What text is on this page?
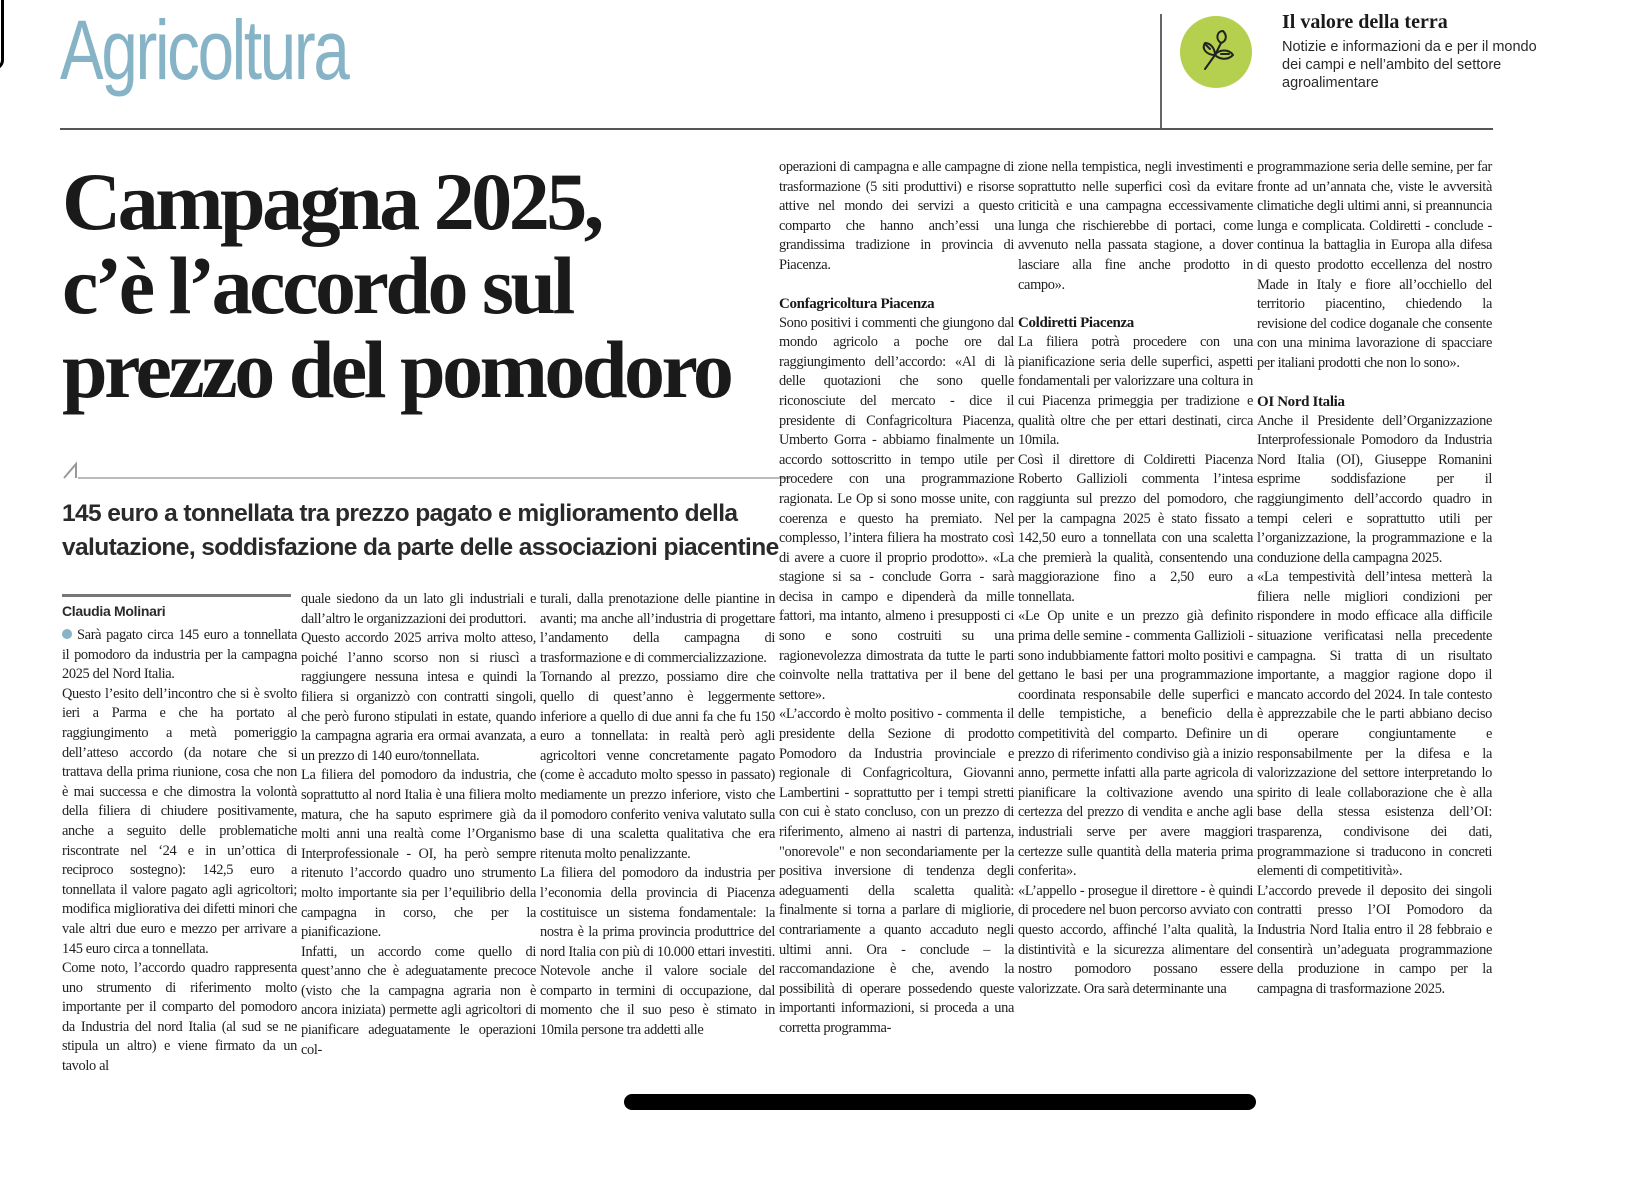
Agricoltura	Il valore della terra
Notizie e informazioni da e per il mondo dei campi e nell’ambito del settore agroalimentare
Campagna 2025,
c’è l’accordo sul
prezzo del pomodoro
145 euro a tonnellata tra prezzo pagato e miglioramento della valutazione, soddisfazione da parte delle associazioni piacentine
Claudia Molinari

Sarà pagato circa 145 euro a tonnellata il pomodoro da industria per la campagna 2025 del Nord Italia.

Questo l’esito dell’incontro che si è svolto ieri a Parma e che ha portato al raggiungimento a metà pomeriggio dell’atteso accordo (da notare che si trattava della prima riunione, cosa che non è mai successa e che dimostra la volontà della filiera di chiudere positivamente, anche a seguito delle problematiche riscontrate nel ‘24 e in un’ottica di reciproco sostegno): 142,5 euro a tonnellata il valore pagato agli agricoltori; modifica migliorativa dei difetti minori che vale altri due euro e mezzo per arrivare a 145 euro circa a tonnellata.

Come noto, l’accordo quadro rappresenta uno strumento di riferimento molto importante per il comparto del pomodoro da Industria del nord Italia (al sud se ne stipula un altro) e viene firmato da un tavolo al

quale siedono da un lato gli industriali e dall’altro le organizzazioni dei produttori.

Questo accordo 2025 arriva molto atteso, poiché l’anno scorso non si riuscì a raggiungere nessuna intesa e quindi la filiera si organizzò con contratti singoli, che però furono stipulati in estate, quando la campagna agraria era ormai avanzata, a un prezzo di 140 euro/tonnellata.

La filiera del pomodoro da industria, che soprattutto al nord Italia è una filiera molto matura, che ha saputo esprimere già da molti anni una realtà come l’Organismo Interprofessionale - OI, ha però sempre ritenuto l’accordo quadro uno strumento molto importante sia per l’equilibrio della campagna in corso, che per la pianificazione.

Infatti, un accordo come quello di quest’anno che è adeguatamente precoce (visto che la campagna agraria non è ancora iniziata) permette agli agricoltori di pianificare adeguatamente le operazioni col-

turali, dalla prenotazione delle piantine in avanti; ma anche all’industria di progettare l’andamento della campagna di trasformazione e di commercializzazione.

Tornando al prezzo, possiamo dire che quello di quest’anno è leggermente inferiore a quello di due anni fa che fu 150 euro a tonnellata: in realtà però agli agricoltori venne concretamente pagato (come è accaduto molto spesso in passato) mediamente un prezzo inferiore, visto che il pomodoro conferito veniva valutato sulla base di una scaletta qualitativa che era ritenuta molto penalizzante.

La filiera del pomodoro da industria per l’economia della provincia di Piacenza costituisce un sistema fondamentale: la nostra è la prima provincia produttrice del nord Italia con più di 10.000 ettari investiti. Notevole anche il valore sociale del comparto in termini di occupazione, dal momento che il suo peso è stimato in 10mila persone tra addetti alle

operazioni di campagna e alle campagne di trasformazione (5 siti produttivi) e risorse attive nel mondo dei servizi a questo comparto che hanno anch’essi una grandissima tradizione in provincia di Piacenza.

Confagricoltura Piacenza

Sono positivi i commenti che giungono dal mondo agricolo a poche ore dal raggiungimento dell’accordo: «Al di là delle quotazioni che sono quelle riconosciute del mercato - dice il presidente di Confagricoltura Piacenza, Umberto Gorra - abbiamo finalmente un accordo sottoscritto in tempo utile per procedere con una programmazione ragionata. Le Op si sono mosse unite, con coerenza e questo ha premiato. Nel complesso, l’intera filiera ha mostrato così di avere a cuore il proprio prodotto». «La stagione si sa - conclude Gorra - sarà decisa in campo e dipenderà da mille fattori, ma intanto, almeno i presupposti ci sono e sono costruiti su una ragionevolezza dimostrata da tutte le parti coinvolte nella trattativa per il bene del settore».

«L’accordo è molto positivo - commenta il presidente della Sezione di prodotto Pomodoro da Industria provinciale e regionale di Confagricoltura, Giovanni Lambertini - soprattutto per i tempi stretti con cui è stato concluso, con un prezzo di riferimento, almeno ai nastri di partenza, "onorevole" e non secondariamente per la positiva inversione di tendenza degli adeguamenti della scaletta qualità: finalmente si torna a parlare di migliorie, contrariamente a quanto accaduto negli ultimi anni. Ora - conclude – la raccomandazione è che, avendo la possibilità di operare possedendo queste importanti informazioni, si proceda a una corretta programma-

zione nella tempistica, negli investimenti e soprattutto nelle superfici così da evitare criticità e una campagna eccessivamente lunga che rischierebbe di portaci, come avvenuto nella passata stagione, a dover lasciare alla fine anche prodotto in campo».

Coldiretti Piacenza

La filiera potrà procedere con una pianificazione seria delle superfici, aspetti fondamentali per valorizzare una coltura in cui Piacenza primeggia per tradizione e qualità oltre che per ettari destinati, circa 10mila.

Così il direttore di Coldiretti Piacenza Roberto Gallizioli commenta l’intesa raggiunta sul prezzo del pomodoro, che per la campagna 2025 è stato fissato a 142,50 euro a tonnellata con una scaletta che premierà la qualità, consentendo una maggiorazione fino a 2,50 euro a tonnellata.

«Le Op unite e un prezzo già definito prima delle semine - commenta Gallizioli - sono indubbiamente fattori molto positivi e gettano le basi per una programmazione coordinata responsabile delle superfici e delle tempistiche, a beneficio della competitività del comparto. Definire un prezzo di riferimento condiviso già a inizio anno, permette infatti alla parte agricola di pianificare la coltivazione avendo una certezza del prezzo di vendita e anche agli industriali serve per avere maggiori certezze sulle quantità della materia prima conferita».

«L’appello - prosegue il direttore - è quindi di procedere nel buon percorso avviato con questo accordo, affinché l’alta qualità, la distintività e la sicurezza alimentare del nostro pomodoro possano essere valorizzate. Ora sarà determinante una

programmazione seria delle semine, per far fronte ad un’annata che, viste le avversità climatiche degli ultimi anni, si preannuncia lunga e complicata. Coldiretti - conclude - continua la battaglia in Europa alla difesa di questo prodotto eccellenza del nostro Made in Italy e fiore all’occhiello del territorio piacentino, chiedendo la revisione del codice doganale che consente con una minima lavorazione di spacciare per italiani prodotti che non lo sono».

OI Nord Italia

Anche il Presidente dell’Organizzazione Interprofessionale Pomodoro da Industria Nord Italia (OI), Giuseppe Romanini esprime soddisfazione per il raggiungimento dell’accordo quadro in tempi celeri e soprattutto utili per l’organizzazione, la programmazione e la conduzione della campagna 2025.

«La tempestività dell’intesa metterà la filiera nelle migliori condizioni per rispondere in modo efficace alla difficile situazione verificatasi nella precedente campagna. Si tratta di un risultato importante, a maggior ragione dopo il mancato accordo del 2024. In tale contesto è apprezzabile che le parti abbiano deciso di operare congiuntamente e responsabilmente per la difesa e la valorizzazione del settore interpretando lo spirito di leale collaborazione che è alla base della stessa esistenza dell’OI: trasparenza, condivisone dei dati, programmazione si traducono in concreti elementi di competitività».

L’accordo prevede il deposito dei singoli contratti presso l’OI Pomodoro da Industria Nord Italia entro il 28 febbraio e consentirà un’adeguata programmazione della produzione in campo per la campagna di trasformazione 2025.
